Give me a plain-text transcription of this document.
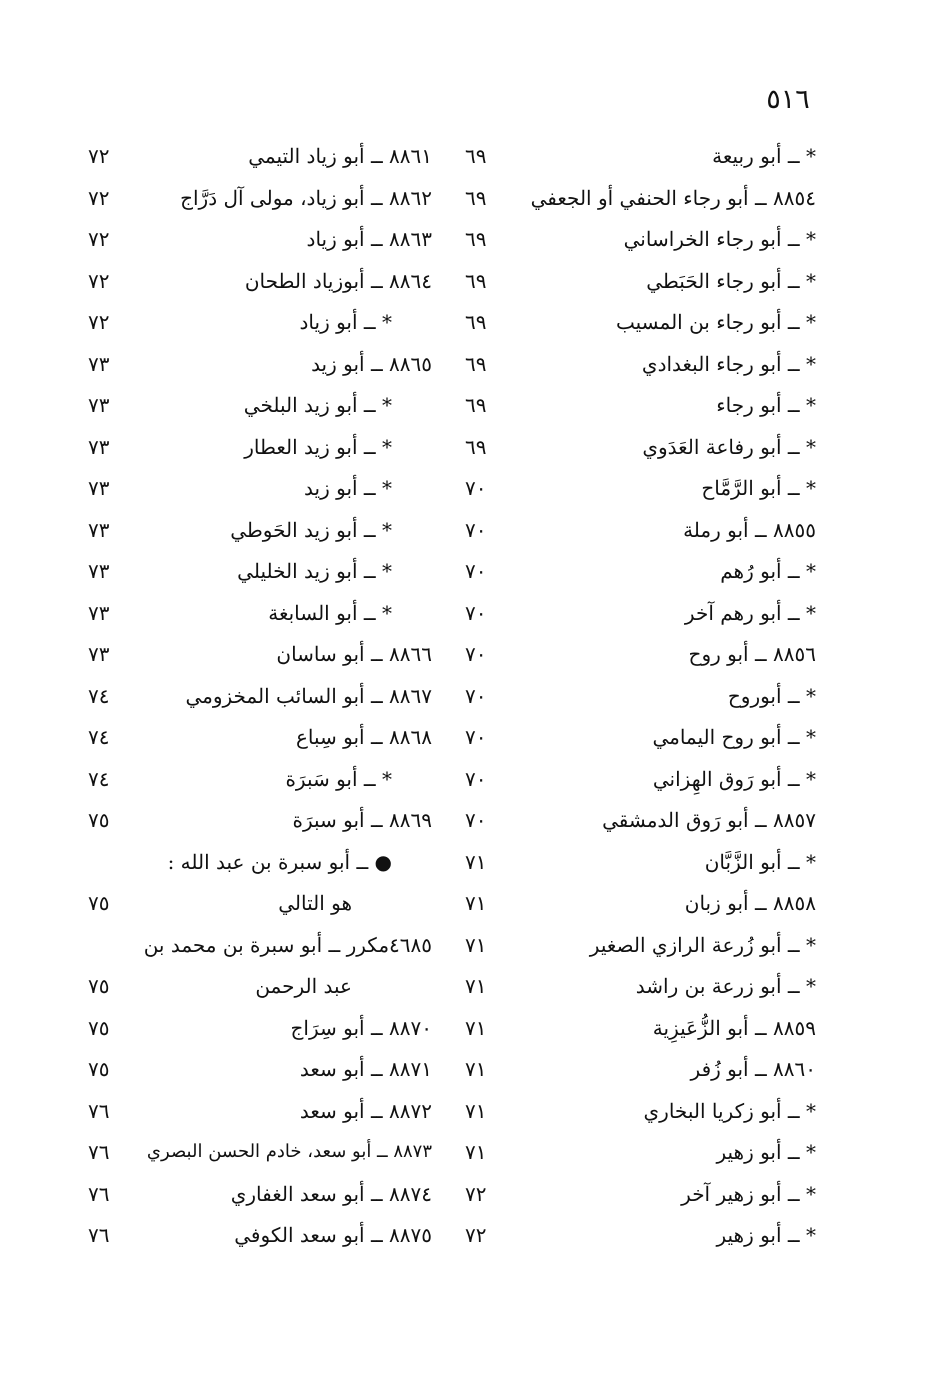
٥١٦
* ــ أبو ربيعة
٦٩
٨٨٥٤ ــ أبو رجاء الحنفي أو الجعفي
٦٩
* ــ أبو رجاء الخراساني
٦٩
* ــ أبو رجاء الحَبَطي
٦٩
* ــ أبو رجاء بن المسيب
٦٩
* ــ أبو رجاء البغدادي
٦٩
* ــ أبو رجاء
٦٩
* ــ أبو رفاعة العَدَوي
٦٩
* ــ أبو الرَّمَّاح
٧٠
٨٨٥٥ ــ أبو رملة
٧٠
* ــ أبو رُهم
٧٠
* ــ أبو رهم آخر
٧٠
٨٨٥٦ ــ أبو روح
٧٠
* ــ أبوروح
٧٠
* ــ أبو روح اليمامي
٧٠
* ــ أبو رَوق الهِزاني
٧٠
٨٨٥٧ ــ أبو رَوق الدمشقي
٧٠
* ــ أبو الزَّبَّان
٧١
٨٨٥٨ ــ أبو زبان
٧١
* ــ أبو زُرعة الرازي الصغير
٧١
* ــ أبو زرعة بن راشد
٧١
٨٨٥٩ ــ أبو الزُّعَيزِية
٧١
٨٨٦٠ ــ أبو زُفر
٧١
* ــ أبو زكريا البخاري
٧١
* ــ أبو زهير
٧١
* ــ أبو زهير آخر
٧٢
* ــ أبو زهير
٧٢
٨٨٦١ ــ أبو زياد التيمي
٧٢
٨٨٦٢ ــ أبو زياد، مولى آل دَرَّاج
٧٢
٨٨٦٣ ــ أبو زياد
٧٢
٨٨٦٤ ــ أبوزياد الطحان
٧٢
* ــ أبو زياد
٧٢
٨٨٦٥ ــ أبو زيد
٧٣
* ــ أبو زيد البلخي
٧٣
* ــ أبو زيد العطار
٧٣
* ــ أبو زيد
٧٣
* ــ أبو زيد الحَوطي
٧٣
* ــ أبو زيد الخليلي
٧٣
* ــ أبو السابغة
٧٣
٨٨٦٦ ــ أبو ساسان
٧٣
٨٨٦٧ ــ أبو السائب المخزومي
٧٤
٨٨٦٨ ــ أبو سِباع
٧٤
* ــ أبو سَبرَة
٧٤
٨٨٦٩ ــ أبو سبرَة
٧٥
● ــ أبو سبرة بن عبد الله :
هو التالي
٧٥
٤٦٨٥مكرر ــ أبو سبرة بن محمد بن
عبد الرحمن
٧٥
٨٨٧٠ ــ أبو سِرَاج
٧٥
٨٨٧١ ــ أبو سعد
٧٥
٨٨٧٢ ــ أبو سعد
٧٦
٨٨٧٣ ــ أبو سعد، خادم الحسن البصري
٧٦
٨٨٧٤ ــ أبو سعد الغفاري
٧٦
٨٨٧٥ ــ أبو سعد الكوفي
٧٦
